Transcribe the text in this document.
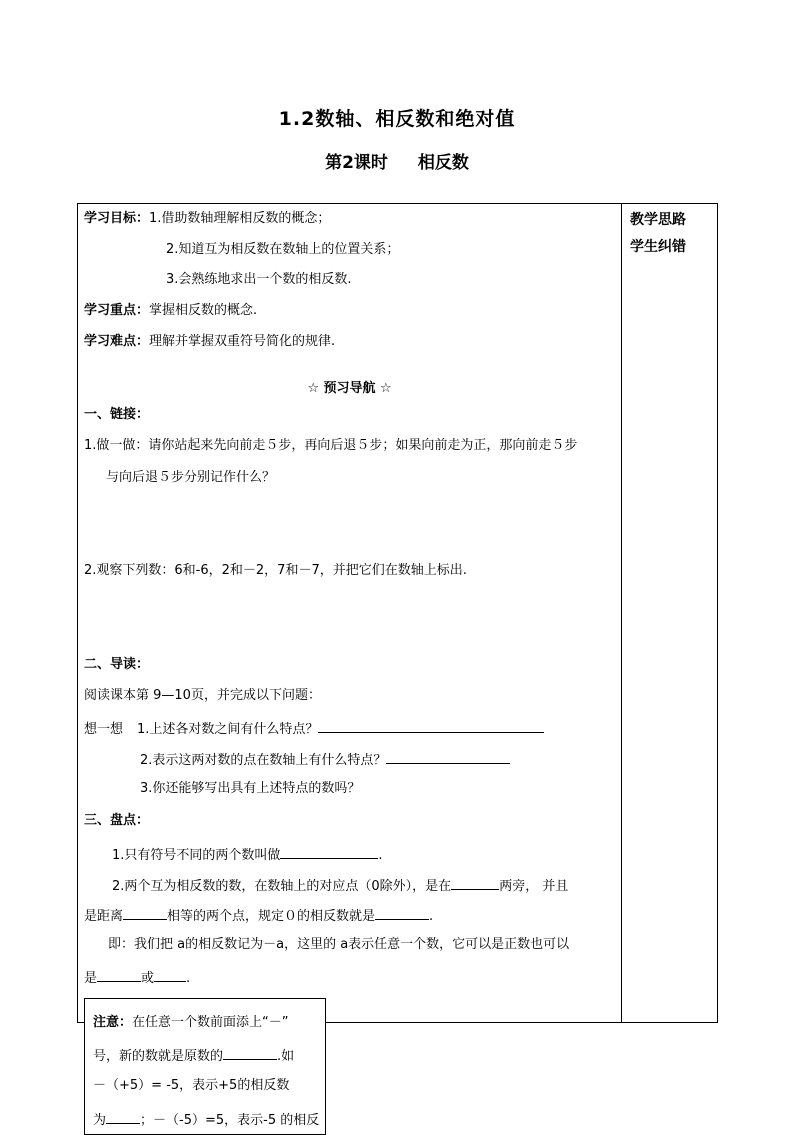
1.2数轴、相反数和绝对值
第2课时 相反数
教学思路
学生纠错
学习目标：1.借助数轴理解相反数的概念；
2.知道互为相反数在数轴上的位置关系；
3.会熟练地求出一个数的相反数.
学习重点：掌握相反数的概念.
学习难点：理解并掌握双重符号简化的规律.
☆ 预习导航 ☆
一、链接：
1.做一做：请你站起来先向前走５步，再向后退５步；如果向前走为正，那向前走５步
与向后退５步分别记作什么？
2.观察下列数：6和-6，2和－2，7和－7，并把它们在数轴上标出.
二、导读：
阅读课本第 9—10页，并完成以下问题：
想一想 1.上述各对数之间有什么特点？
2.表示这两对数的点在数轴上有什么特点？
3.你还能够写出具有上述特点的数吗？
三、盘点：
1.只有符号不同的两个数叫做	.
2.两个互为相反数的数，在数轴上的对应点（0除外），是在	两旁， 并且
是距离	相等的两个点，规定０的相反数就是	.
即：我们把 a的相反数记为－a，这里的 a表示任意一个数，它可以是正数也可以
是	或 .
注意：在任意一个数前面添上“－”
号，新的数就是原数的	.如
－（+5）= -5，表示+5的相反数
为	；－（-5）=5，表示-5 的相反
